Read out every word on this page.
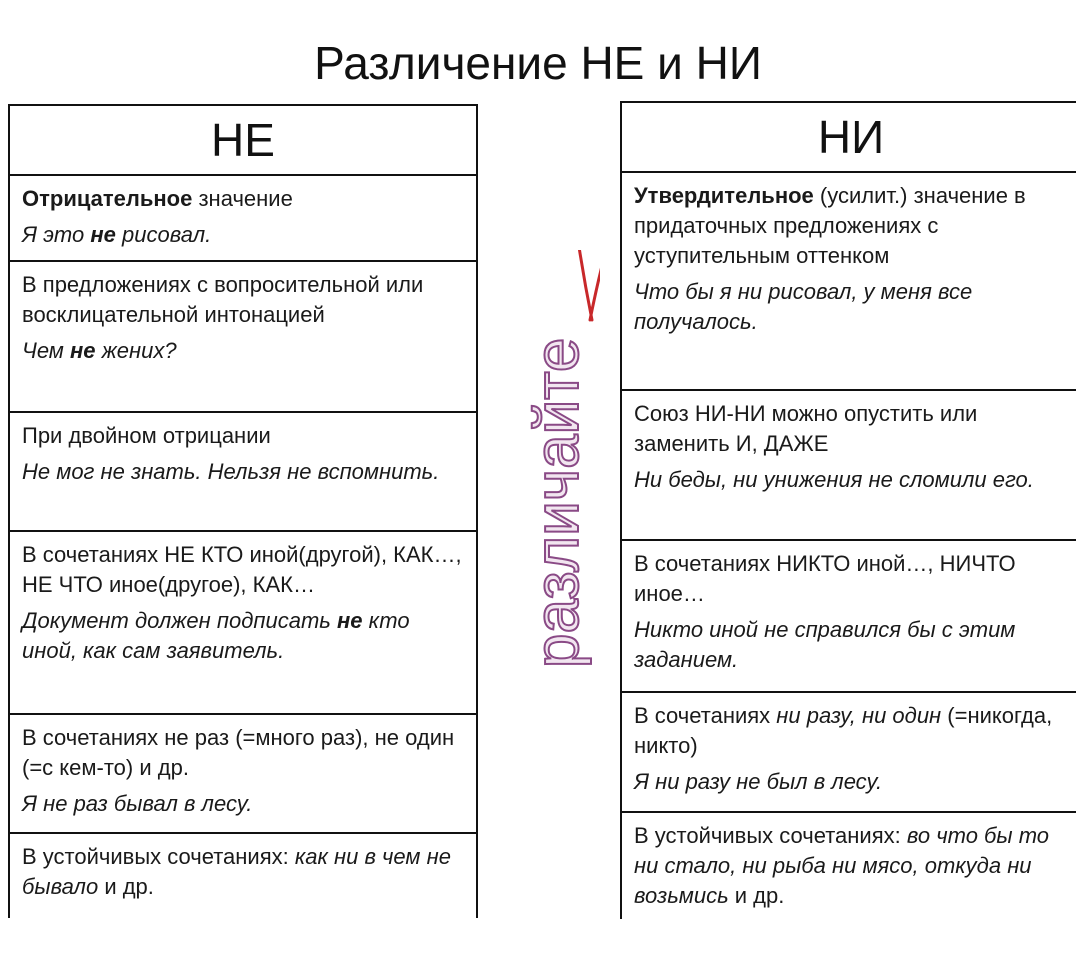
Различение НЕ и НИ
НЕ

Отрицательное значение

Я это не рисовал.

В предложениях с вопросительной или восклицательной интонацией

Чем не жених?

При двойном отрицании

Не мог не знать. Нельзя не вспомнить.

В сочетаниях НЕ КТО иной(другой), КАК…, НЕ ЧТО иное(другое), КАК…

Документ должен подписать не кто иной, как сам заявитель.

В сочетаниях не раз (=много раз), не один (=с кем-то) и др.

Я не раз бывал в лесу.

В устойчивых сочетаниях: как ни в чем не бывало и др.

различайте
НИ

Утвердительное (усилит.) значение в придаточных предложениях с уступительным оттенком

Что бы я ни рисовал, у меня все получалось.

Союз НИ-НИ можно опустить или заменить И, ДАЖЕ

Ни беды, ни унижения не сломили его.

В сочетаниях НИКТО иной…, НИЧТО иное…

Никто иной не справился бы с этим заданием.

В сочетаниях ни разу, ни один (=никогда, никто)

Я ни разу не был в лесу.

В устойчивых сочетаниях: во что бы то ни стало, ни рыба ни мясо, откуда ни возьмись и др.
